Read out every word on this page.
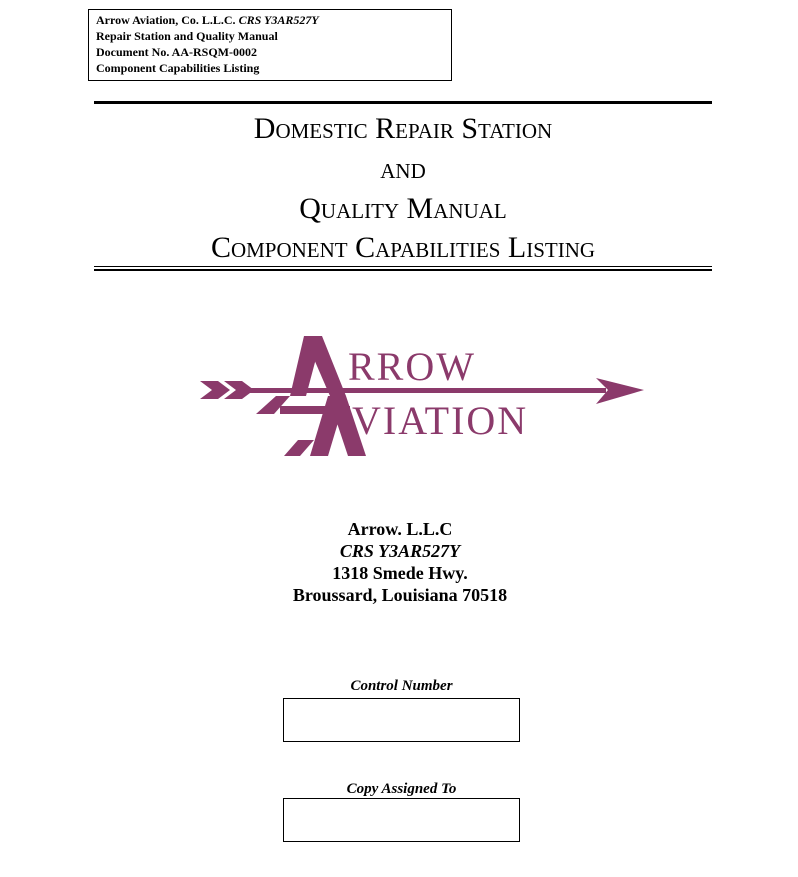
Arrow Aviation, Co. L.L.C. CRS Y3AR527Y
Repair Station and Quality Manual
Document No. AA-RSQM-0002
Component Capabilities Listing
Domestic Repair Station
and
Quality Manual
Component Capabilities Listing
RROW
VIATION
Arrow. L.L.C
CRS Y3AR527Y
1318 Smede Hwy.
Broussard, Louisiana 70518
Control Number
Copy Assigned To
